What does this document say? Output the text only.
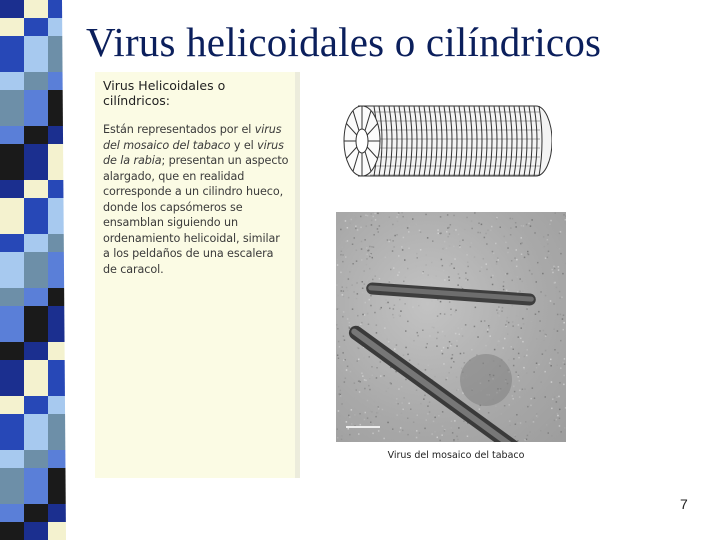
Virus helicoidales o cilíndricos

Virus Helicoidales o cilíndricos:

Están representados por el virus del mosaico del tabaco y el virus de la rabia; presentan un aspecto alargado, que en realidad corresponde a un cilindro hueco, donde los capsómeros se ensamblan siguiendo un ordenamiento helicoidal, similar a los peldaños de una escalera de caracol.

Virus del mosaico del tabaco
7
